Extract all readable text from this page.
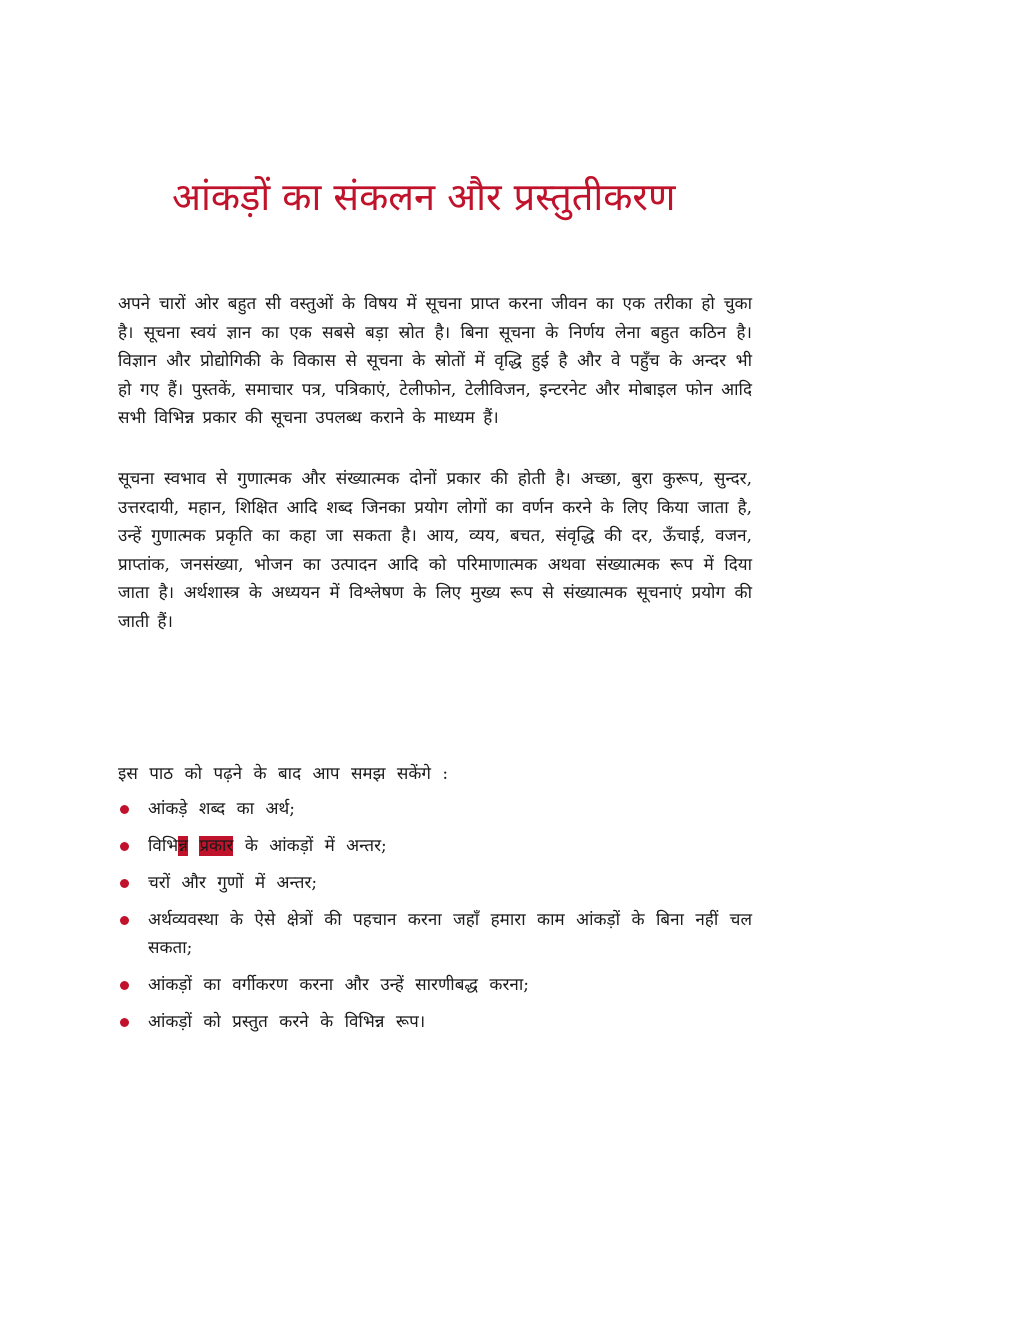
आंकड़ों का संकलन और प्रस्तुतीकरण

अपने चारों ओर बहुत सी वस्तुओं के विषय में सूचना प्राप्त करना जीवन का एक तरीका हो चुका है। सूचना स्वयं ज्ञान का एक सबसे बड़ा स्रोत है। बिना सूचना के निर्णय लेना बहुत कठिन है। विज्ञान और प्रोद्योगिकी के विकास से सूचना के स्रोतों में वृद्धि हुई है और वे पहुँच के अन्दर भी हो गए हैं। पुस्तकें, समाचार पत्र, पत्रिकाएं, टेलीफोन, टेलीविजन, इन्टरनेट और मोबाइल फोन आदि सभी विभिन्न प्रकार की सूचना उपलब्ध कराने के माध्यम हैं।

सूचना स्वभाव से गुणात्मक और संख्यात्मक दोनों प्रकार की होती है। अच्छा, बुरा कुरूप, सुन्दर, उत्तरदायी, महान, शिक्षित आदि शब्द जिनका प्रयोग लोगों का वर्णन करने के लिए किया जाता है, उन्हें गुणात्मक प्रकृति का कहा जा सकता है। आय, व्यय, बचत, संवृद्धि की दर, ऊँचाई, वजन, प्राप्तांक, जनसंख्या, भोजन का उत्पादन आदि को परिमाणात्मक अथवा संख्यात्मक रूप में दिया जाता है। अर्थशास्त्र के अध्ययन में विश्लेषण के लिए मुख्य रूप से संख्यात्मक सूचनाएं प्रयोग की जाती हैं।

इस पाठ को पढ़ने के बाद आप समझ सकेंगे :

आंकड़े शब्द का अर्थ;
विभिन्न प्रकार के आंकड़ों में अन्तर;
चरों और गुणों में अन्तर;
अर्थव्यवस्था के ऐसे क्षेत्रों की पहचान करना जहाँ हमारा काम आंकड़ों के बिना नहीं चल सकता;
आंकड़ों का वर्गीकरण करना और उन्हें सारणीबद्ध करना;
आंकड़ों को प्रस्तुत करने के विभिन्न रूप।
